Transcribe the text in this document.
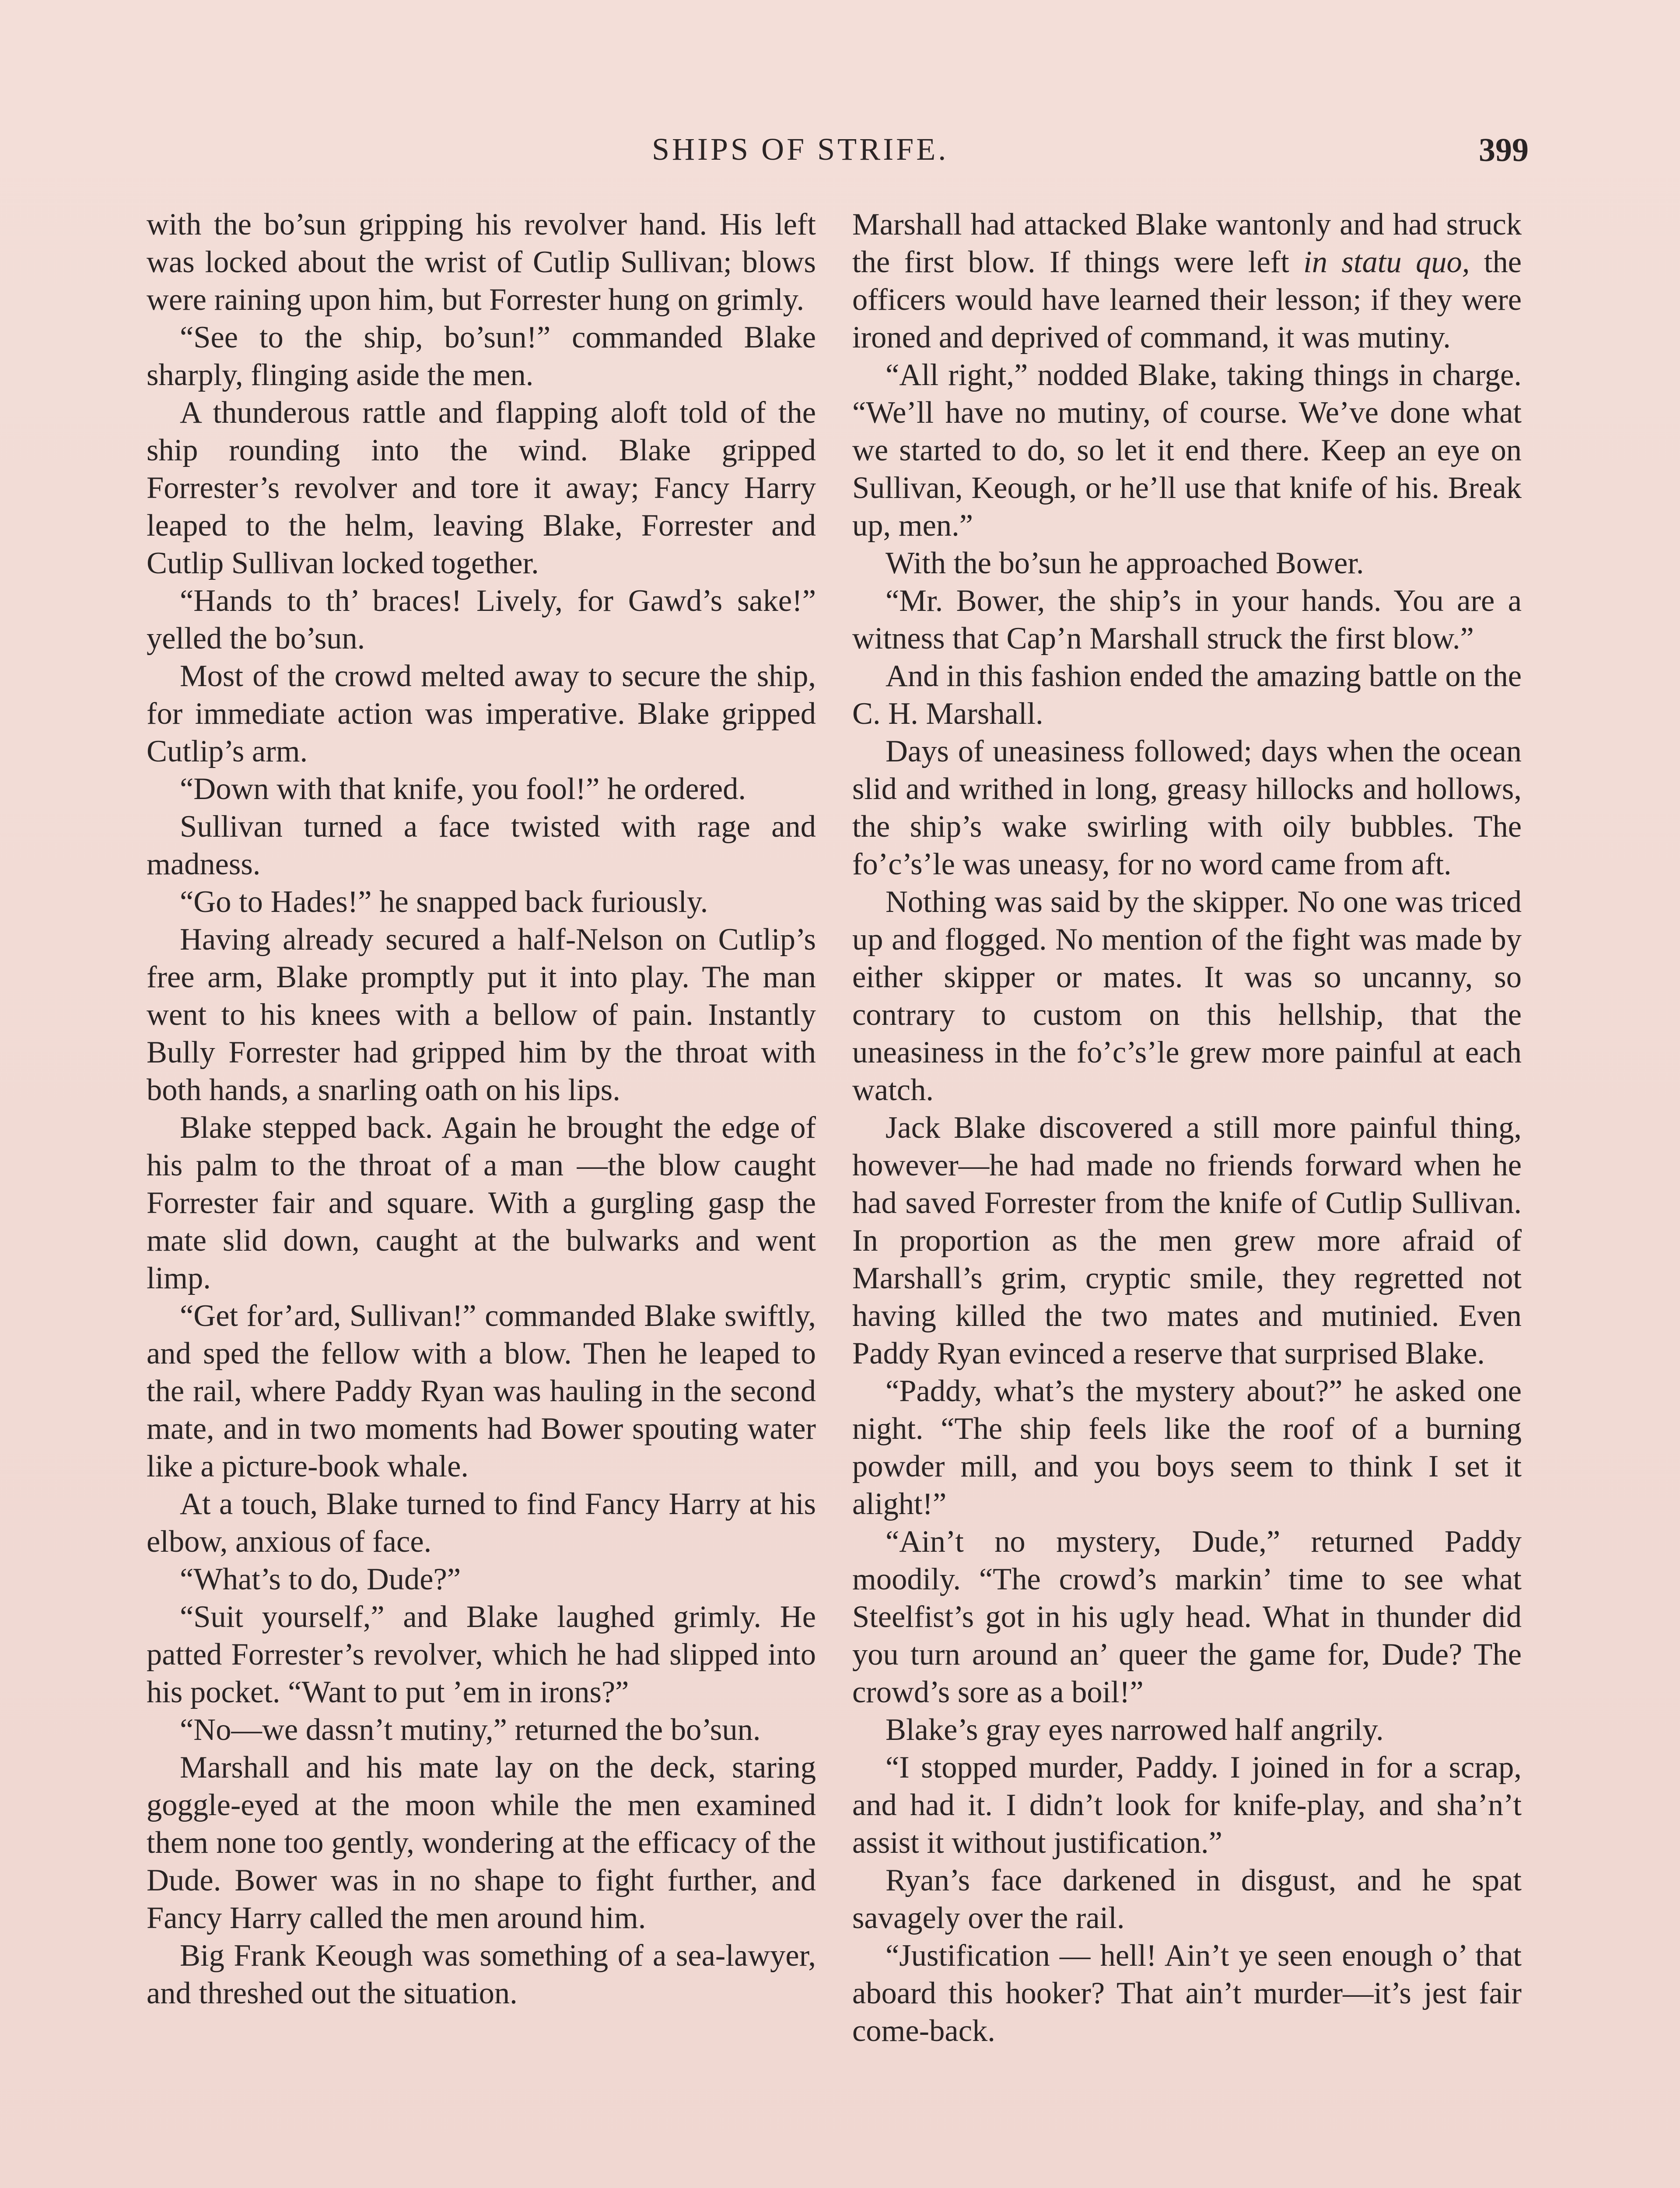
SHIPS OF STRIFE.	399

with the bo’sun gripping his revolver hand. His left was locked about the wrist of Cutlip Sullivan; blows were raining upon him, but Forrester hung on grimly.

“See to the ship, bo’sun!” commanded Blake sharply, flinging aside the men.

A thunderous rattle and flapping aloft told of the ship rounding into the wind. Blake gripped Forrester’s revolver and tore it away; Fancy Harry leaped to the helm, leaving Blake, Forrester and Cutlip Sullivan locked together.

“Hands to th’ braces! Lively, for Gawd’s sake!” yelled the bo’sun.

Most of the crowd melted away to secure the ship, for immediate action was imperative. Blake gripped Cutlip’s arm.

“Down with that knife, you fool!” he ordered.

Sullivan turned a face twisted with rage and madness.

“Go to Hades!” he snapped back furiously.

Having already secured a half-Nelson on Cutlip’s free arm, Blake promptly put it into play. The man went to his knees with a bellow of pain. Instantly Bully Forrester had gripped him by the throat with both hands, a snarling oath on his lips.

Blake stepped back. Again he brought the edge of his palm to the throat of a man —the blow caught Forrester fair and square. With a gurgling gasp the mate slid down, caught at the bulwarks and went limp.

“Get for’ard, Sullivan!” commanded Blake swiftly, and sped the fellow with a blow. Then he leaped to the rail, where Paddy Ryan was hauling in the second mate, and in two moments had Bower spouting water like a picture-book whale.

At a touch, Blake turned to find Fancy Harry at his elbow, anxious of face.

“What’s to do, Dude?”

“Suit yourself,” and Blake laughed grimly. He patted Forrester’s revolver, which he had slipped into his pocket. “Want to put ’em in irons?”

“No—we dassn’t mutiny,” returned the bo’sun.

Marshall and his mate lay on the deck, staring goggle-eyed at the moon while the men examined them none too gently, wondering at the efficacy of the Dude. Bower was in no shape to fight further, and Fancy Harry called the men around him.

Big Frank Keough was something of a sea-lawyer, and threshed out the situation.

Marshall had attacked Blake wantonly and had struck the first blow. If things were left in statu quo, the officers would have learned their lesson; if they were ironed and deprived of command, it was mutiny.

“All right,” nodded Blake, taking things in charge. “We’ll have no mutiny, of course. We’ve done what we started to do, so let it end there. Keep an eye on Sullivan, Keough, or he’ll use that knife of his. Break up, men.”

With the bo’sun he approached Bower.

“Mr. Bower, the ship’s in your hands. You are a witness that Cap’n Marshall struck the first blow.”

And in this fashion ended the amazing battle on the C. H. Marshall.

Days of uneasiness followed; days when the ocean slid and writhed in long, greasy hillocks and hollows, the ship’s wake swirling with oily bubbles. The fo’c’s’le was uneasy, for no word came from aft.

Nothing was said by the skipper. No one was triced up and flogged. No mention of the fight was made by either skipper or mates. It was so uncanny, so contrary to custom on this hellship, that the uneasiness in the fo’c’s’le grew more painful at each watch.

Jack Blake discovered a still more painful thing, however—he had made no friends forward when he had saved Forrester from the knife of Cutlip Sullivan. In proportion as the men grew more afraid of Marshall’s grim, cryptic smile, they regretted not having killed the two mates and mutinied. Even Paddy Ryan evinced a reserve that surprised Blake.

“Paddy, what’s the mystery about?” he asked one night. “The ship feels like the roof of a burning powder mill, and you boys seem to think I set it alight!”

“Ain’t no mystery, Dude,” returned Paddy moodily. “The crowd’s markin’ time to see what Steelfist’s got in his ugly head. What in thunder did you turn around an’ queer the game for, Dude? The crowd’s sore as a boil!”

Blake’s gray eyes narrowed half angrily.

“I stopped murder, Paddy. I joined in for a scrap, and had it. I didn’t look for knife-play, and sha’n’t assist it without justification.”

Ryan’s face darkened in disgust, and he spat savagely over the rail.

“Justification — hell! Ain’t ye seen enough o’ that aboard this hooker? That ain’t murder—it’s jest fair come-back.
